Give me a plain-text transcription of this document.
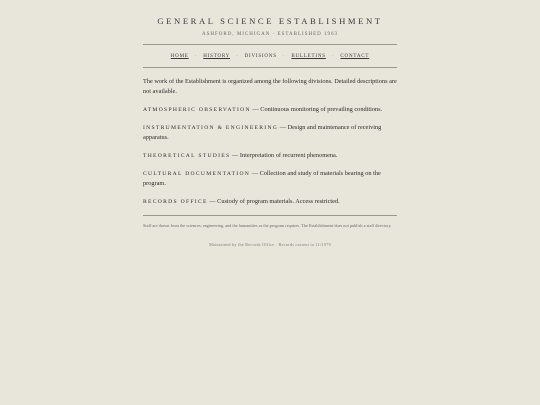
GENERAL SCIENCE ESTABLISHMENT
ASHFORD, MICHIGAN · ESTABLISHED 1963
HOME · HISTORY · DIVISIONS · BULLETINS · CONTACT

The work of the Establishment is organized among the following divisions. Detailed descriptions are not available.

ATMOSPHERIC OBSERVATION — Continuous monitoring of prevailing conditions.
INSTRUMENTATION & ENGINEERING — Design and maintenance of receiving apparatus.
THEORETICAL STUDIES — Interpretation of recurrent phenomena.
CULTURAL DOCUMENTATION — Collection and study of materials bearing on the program.
RECORDS OFFICE — Custody of program materials. Access restricted.
Staff are drawn from the sciences, engineering, and the humanities as the program requires. The Establishment does not publish a staff directory.
Maintained by the Records Office · Records current to 11/1979
